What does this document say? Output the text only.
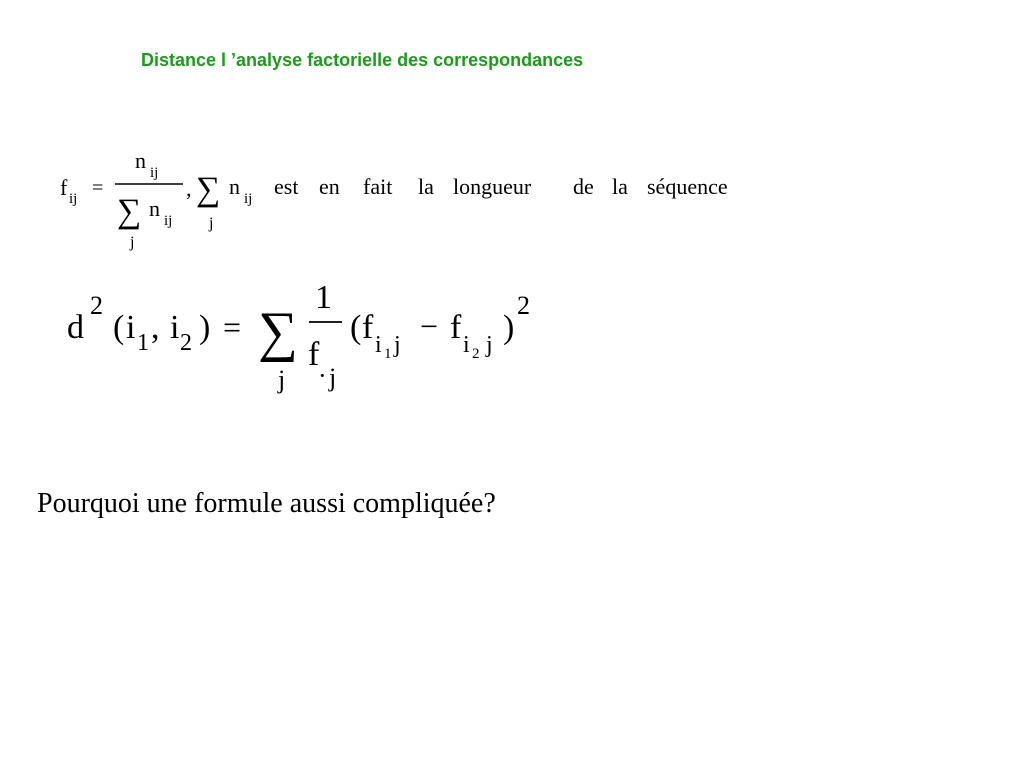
Distance l ’analyse factorielle des correspondances
f ij =
n ij
∑ n ij
j
, ∑
j
n ij est en fait la longueur de la séquence
d
2
( i 1 , i 2 ) = ∑
j
1
f
· j
( f i 1 j
− f i 2 j )
2
Pourquoi une formule aussi compliquée?
